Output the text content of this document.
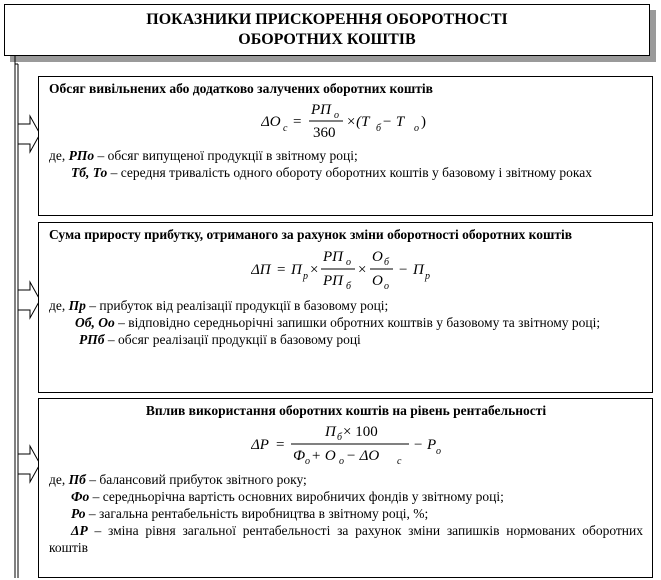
ПОКАЗНИКИ ПРИСКОРЕННЯ ОБОРОТНОСТІ
ОБОРОТНИХ КОШТІВ
Обсяг вивільнених або додатково залучених оборотних коштів
ΔO c =
РП о
360
×(Т б − Т о )

де, РПо – обсяг випущеної продукції в звітному році;

Тб, То – середня тривалість одного обороту оборотних коштів у базовому і звітному роках

Сума приросту прибутку, отриманого за рахунок зміни оборотності оборотних коштів
ΔП = П р ×
РП о
РП б
×
О б
О о
− П р

де, Пр – прибуток від реалізації продукції в базовому році;

Об, Оо – відповідно середньорічні запишки обротних коштвів у базовому та звітному році;

РПб – обсяг реалізації продукції в базовому році

Вплив використання оборотних коштів на рівень рентабельності
ΔР =
П б × 100
Ф о + О о − ΔО с
− Р о

де, Пб – балансовий прибуток звітного року;

Фо – середньорічна вартість основних виробничих фондів у звітному році;

Ро – загальна рентабельність виробництва в звітному році, %;

ΔР – зміна рівня загальної рентабельності за рахунок зміни запишків нормованих оборотних коштів
